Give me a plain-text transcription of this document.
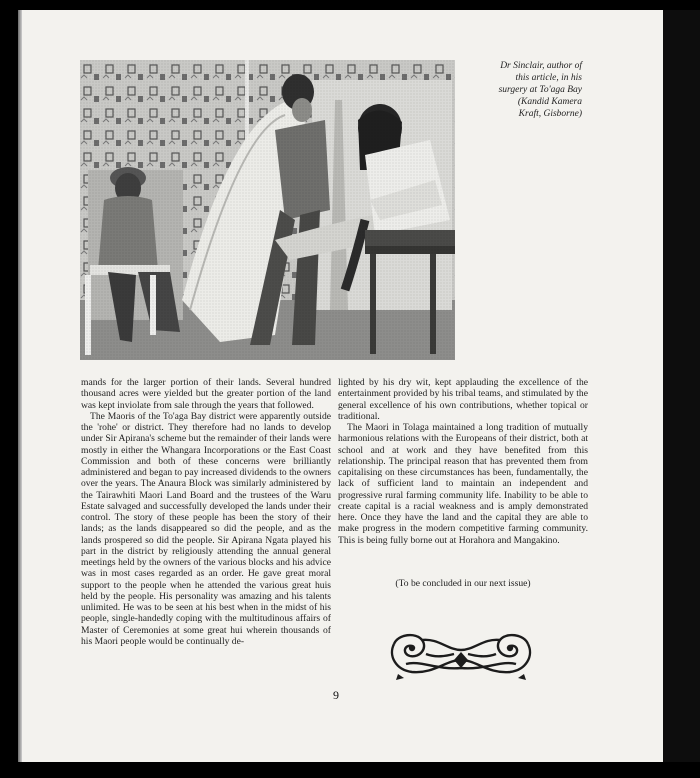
Dr Sinclair, author of
this article, in his
surgery at To'aga Bay
(Kandid Kamera
Kraft, Gisborne)

mands for the larger portion of their lands. Several hundred thousand acres were yielded but the greater portion of the land was kept inviolate from sale through the years that followed.

The Maoris of the To'aga Bay district were apparently outside the 'rohe' or district. They therefore had no lands to develop under Sir Apirana's scheme but the remainder of their lands were mostly in either the Whangara Incorporations or the East Coast Commission and both of these concerns were brilliantly administered and began to pay increased dividends to the owners over the years. The Anaura Block was similarly administered by the Tairawhiti Maori Land Board and the trustees of the Waru Estate salvaged and successfully developed the lands under their control. The story of these people has been the story of their lands; as the lands disappeared so did the people, and as the lands prospered so did the people. Sir Apirana Ngata played his part in the district by religiously attending the annual general meetings held by the owners of the various blocks and his advice was in most cases regarded as an order. He gave great moral support to the people when he attended the various great huis held by the people. His personality was amazing and his talents unlimited. He was to be seen at his best when in the midst of his people, single-handedly coping with the multitudinous affairs of Master of Ceremonies at some great hui wherein thousands of his Maori people would be continually de-

lighted by his dry wit, kept applauding the excellence of the entertainment provided by his tribal teams, and stimulated by the general excellence of his own contributions, whether topical or traditional.

The Maori in Tolaga maintained a long tradition of mutually harmonious relations with the Europeans of their district, both at school and at work and they have benefited from this relationship. The principal reason that has prevented them from capitalising on these circumstances has been, fundamentally, the lack of sufficient land to maintain an independent and progressive rural farming community life. Inability to be able to create capital is a racial weakness and is amply demonstrated here. Once they have the land and the capital they are able to make progress in the modern competitive farming community. This is being fully borne out at Horahora and Mangakino.

(To be concluded in our next issue)
9
